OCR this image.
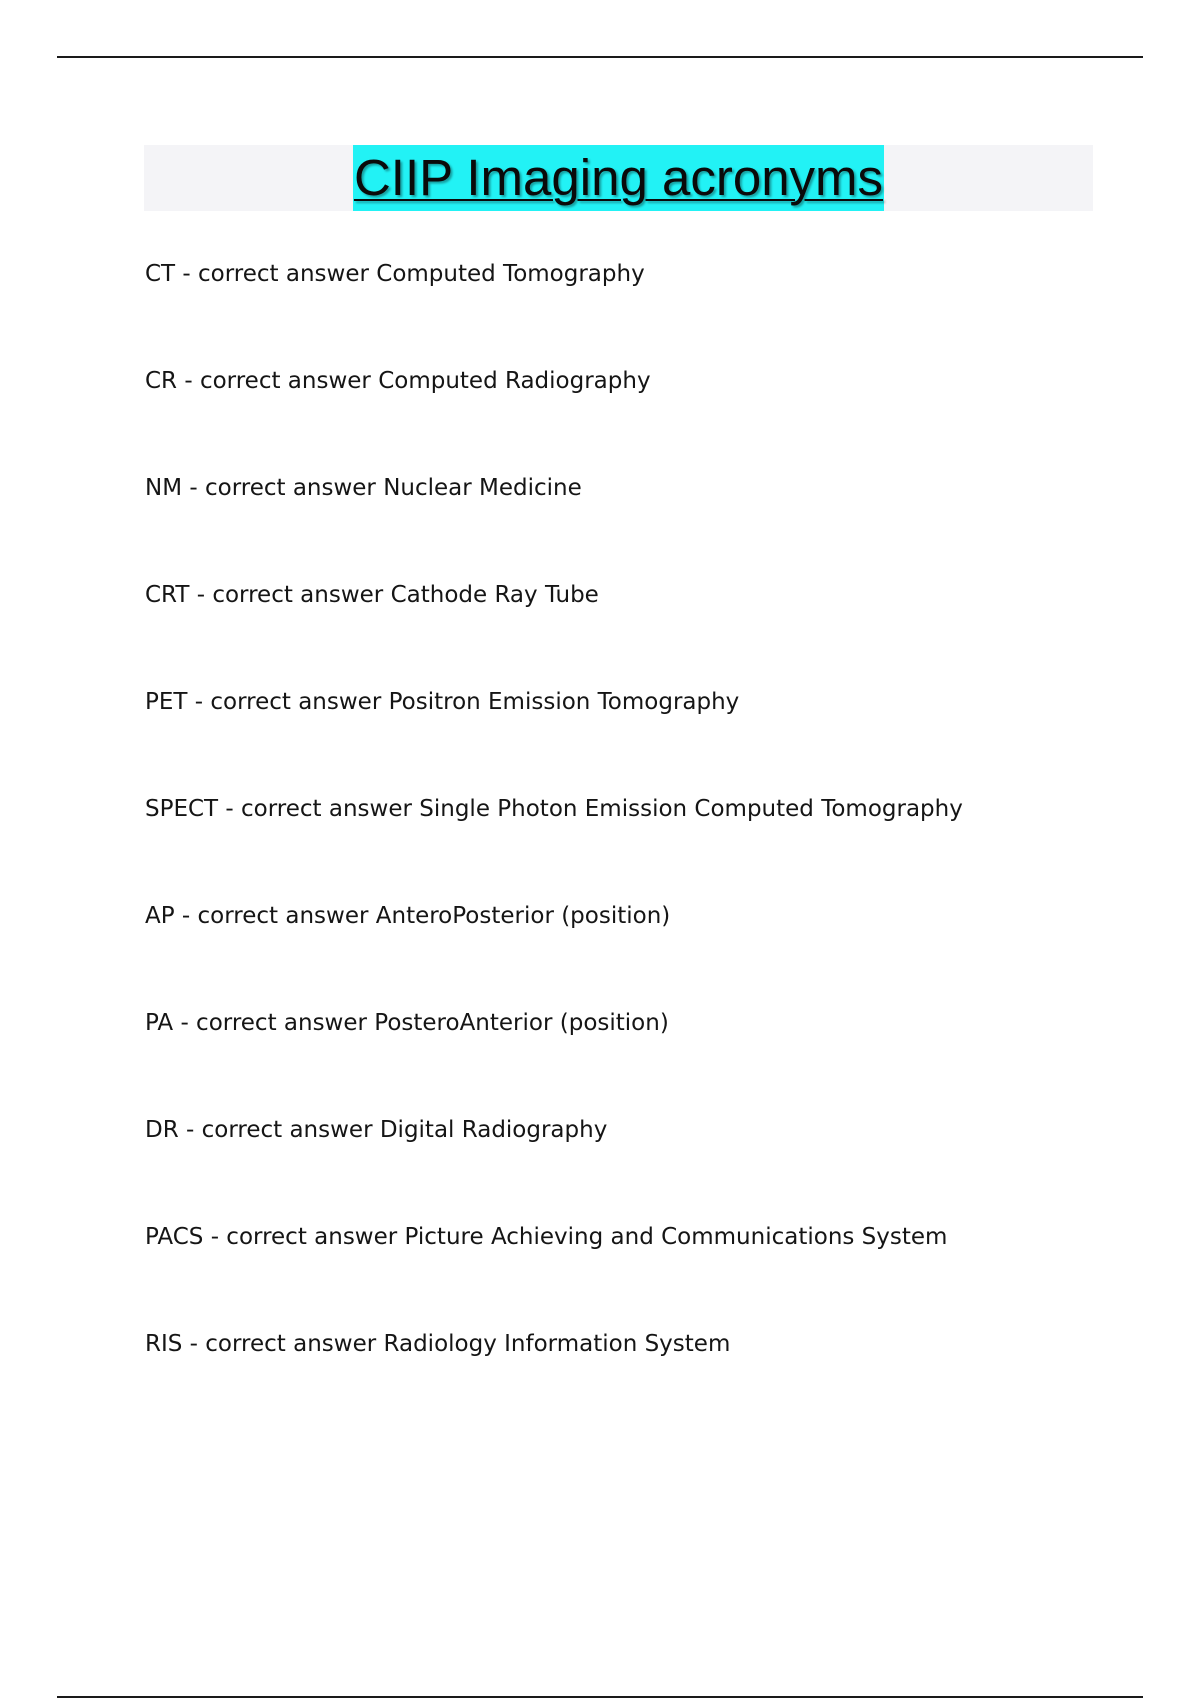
CIIP Imaging acronyms
CT - correct answer Computed Tomography
CR - correct answer Computed Radiography
NM - correct answer Nuclear Medicine
CRT - correct answer Cathode Ray Tube
PET - correct answer Positron Emission Tomography
SPECT - correct answer Single Photon Emission Computed Tomography
AP - correct answer AnteroPosterior (position)
PA - correct answer PosteroAnterior (position)
DR - correct answer Digital Radiography
PACS - correct answer Picture Achieving and Communications System
RIS - correct answer Radiology Information System
